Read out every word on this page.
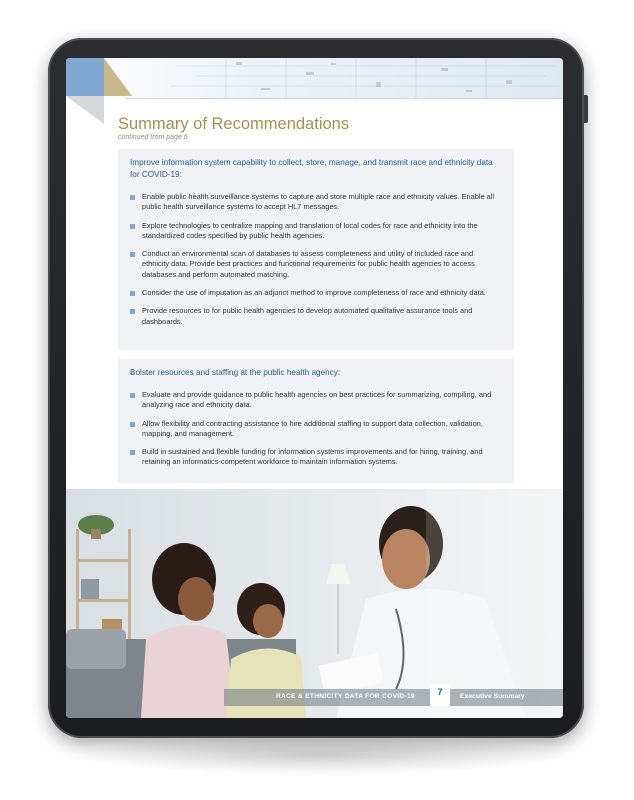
Summary of Recommendations
continued from page 6
Improve information system capability to collect, store, manage, and transmit race and ethnicity data for COVID-19:
Enable public health surveillance systems to capture and store multiple race and ethnicity values. Enable all public health surveillance systems to accept HL7 messages.
Explore technologies to centralize mapping and translation of local codes for race and ethnicity into the standardized codes specified by public health agencies.
Conduct an environmental scan of databases to assess completeness and utility of included race and ethnicity data. Provide best practices and functional requirements for public health agencies to access databases and perform automated matching.
Consider the use of imputation as an adjunct method to improve completeness of race and ethnicity data.
Provide resources to for public health agencies to develop automated qualitative assurance tools and dashboards.
Bolster resources and staffing at the public health agency:
Evaluate and provide guidance to public health agencies on best practices for summarizing, compiling, and analyzing race and ethnicity data.
Allow flexibility and contracting assistance to hire additional staffing to support data collection, validation, mapping, and management.
Build in sustained and flexible funding for information systems improvements and for hiring, training, and retaining an informatics-competent workforce to maintain information systems.
RACE & ETHNICITY DATA FOR COVID-19	7	Executive Summary
